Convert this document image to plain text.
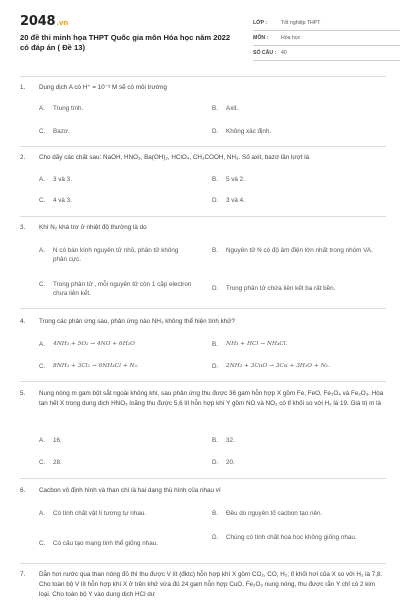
2048.vn
20 đề thi minh họa THPT Quốc gia môn Hóa học năm 2022 có đáp án ( Đề 13)
LỚP :	Tốt nghiệp THPT
MÔN :	Hóa học
SỐ CÂU : 40
1.	Dung dịch A có H⁺ = 10⁻³ M sẽ có môi trường
A.	Trung tính.	B.	Axit.
C.	Bazơ.	D.	Không xác định.
2.	Cho dãy các chất sau: NaOH, HNO₃, Ba(OH)₂, HClO₄, CH₃COOH, NH₃. Số axit, bazơ lần lượt là
A.	3 và 3.	B.	5 và 2.
C.	4 và 3.	D.	3 và 4.
3.	Khí N₂ khá trơ ở nhiệt độ thường là do
A.	N có bán kính nguyên tử nhỏ, phân tử không phân cực.
B.	Nguyên tử N có độ âm điện lớn nhất trong nhóm VA.
C.	Trong phân tử , mỗi nguyên tử còn 1 cặp electron chưa liên kết.
D.	Trong phân tử chứa liên kết ba rất bền.
4.	Trong các phản ứng sau, phản ứng nào NH₃ không thể hiện tính khử?
A.	4NH₃ + 5O₂ → 4NO + 6H₂O	B.	NH₃ + HCl → NH₄Cl.
C.	8NH₃ + 3Cl₂ → 6NH₄Cl + N₂.	D.	2NH₃ + 3CuO → 3Cu + 3H₂O + N₂.
5.	Nung nóng m gam bột sắt ngoài không khí, sau phản ứng thu được 36 gam hỗn hợp X gồm Fe, FeO, Fe₃O₄ và Fe₂O₃. Hòa tan hết X trong dung dịch HNO₃ loãng thu được 5,6 lít hỗn hợp khí Y gồm NO và NO₂ có tỉ khối so với H₂ là 19. Giá trị m là
A.	16.	B.	32.
C.	28.	D.	20.
6.	Cacbon vô định hình và than chì là hai dạng thù hình của nhau vì
A.	Có tính chất vật lí tương tự nhau.	B.	Đều do nguyên tố cacbon tạo nên.
C.	Có cấu tạo mạng tinh thể giống nhau.
D.	Chúng có tính chất hoá học không giống nhau.
7.	Dẫn hơi nước qua than nóng đỏ thì thu được V lít (đktc) hỗn hợp khí X gồm CO₂, CO, H₂; tỉ khối hơi của X so với H₂ là 7,8. Cho toàn bộ V lít hỗn hợp khí X ở trên khử vừa đủ 24 gam hỗn hợp CuO, Fe₂O₃ nung nóng, thu được rắn Y chỉ có 2 kim loại. Cho toàn bộ Y vào dung dịch HCl dư
